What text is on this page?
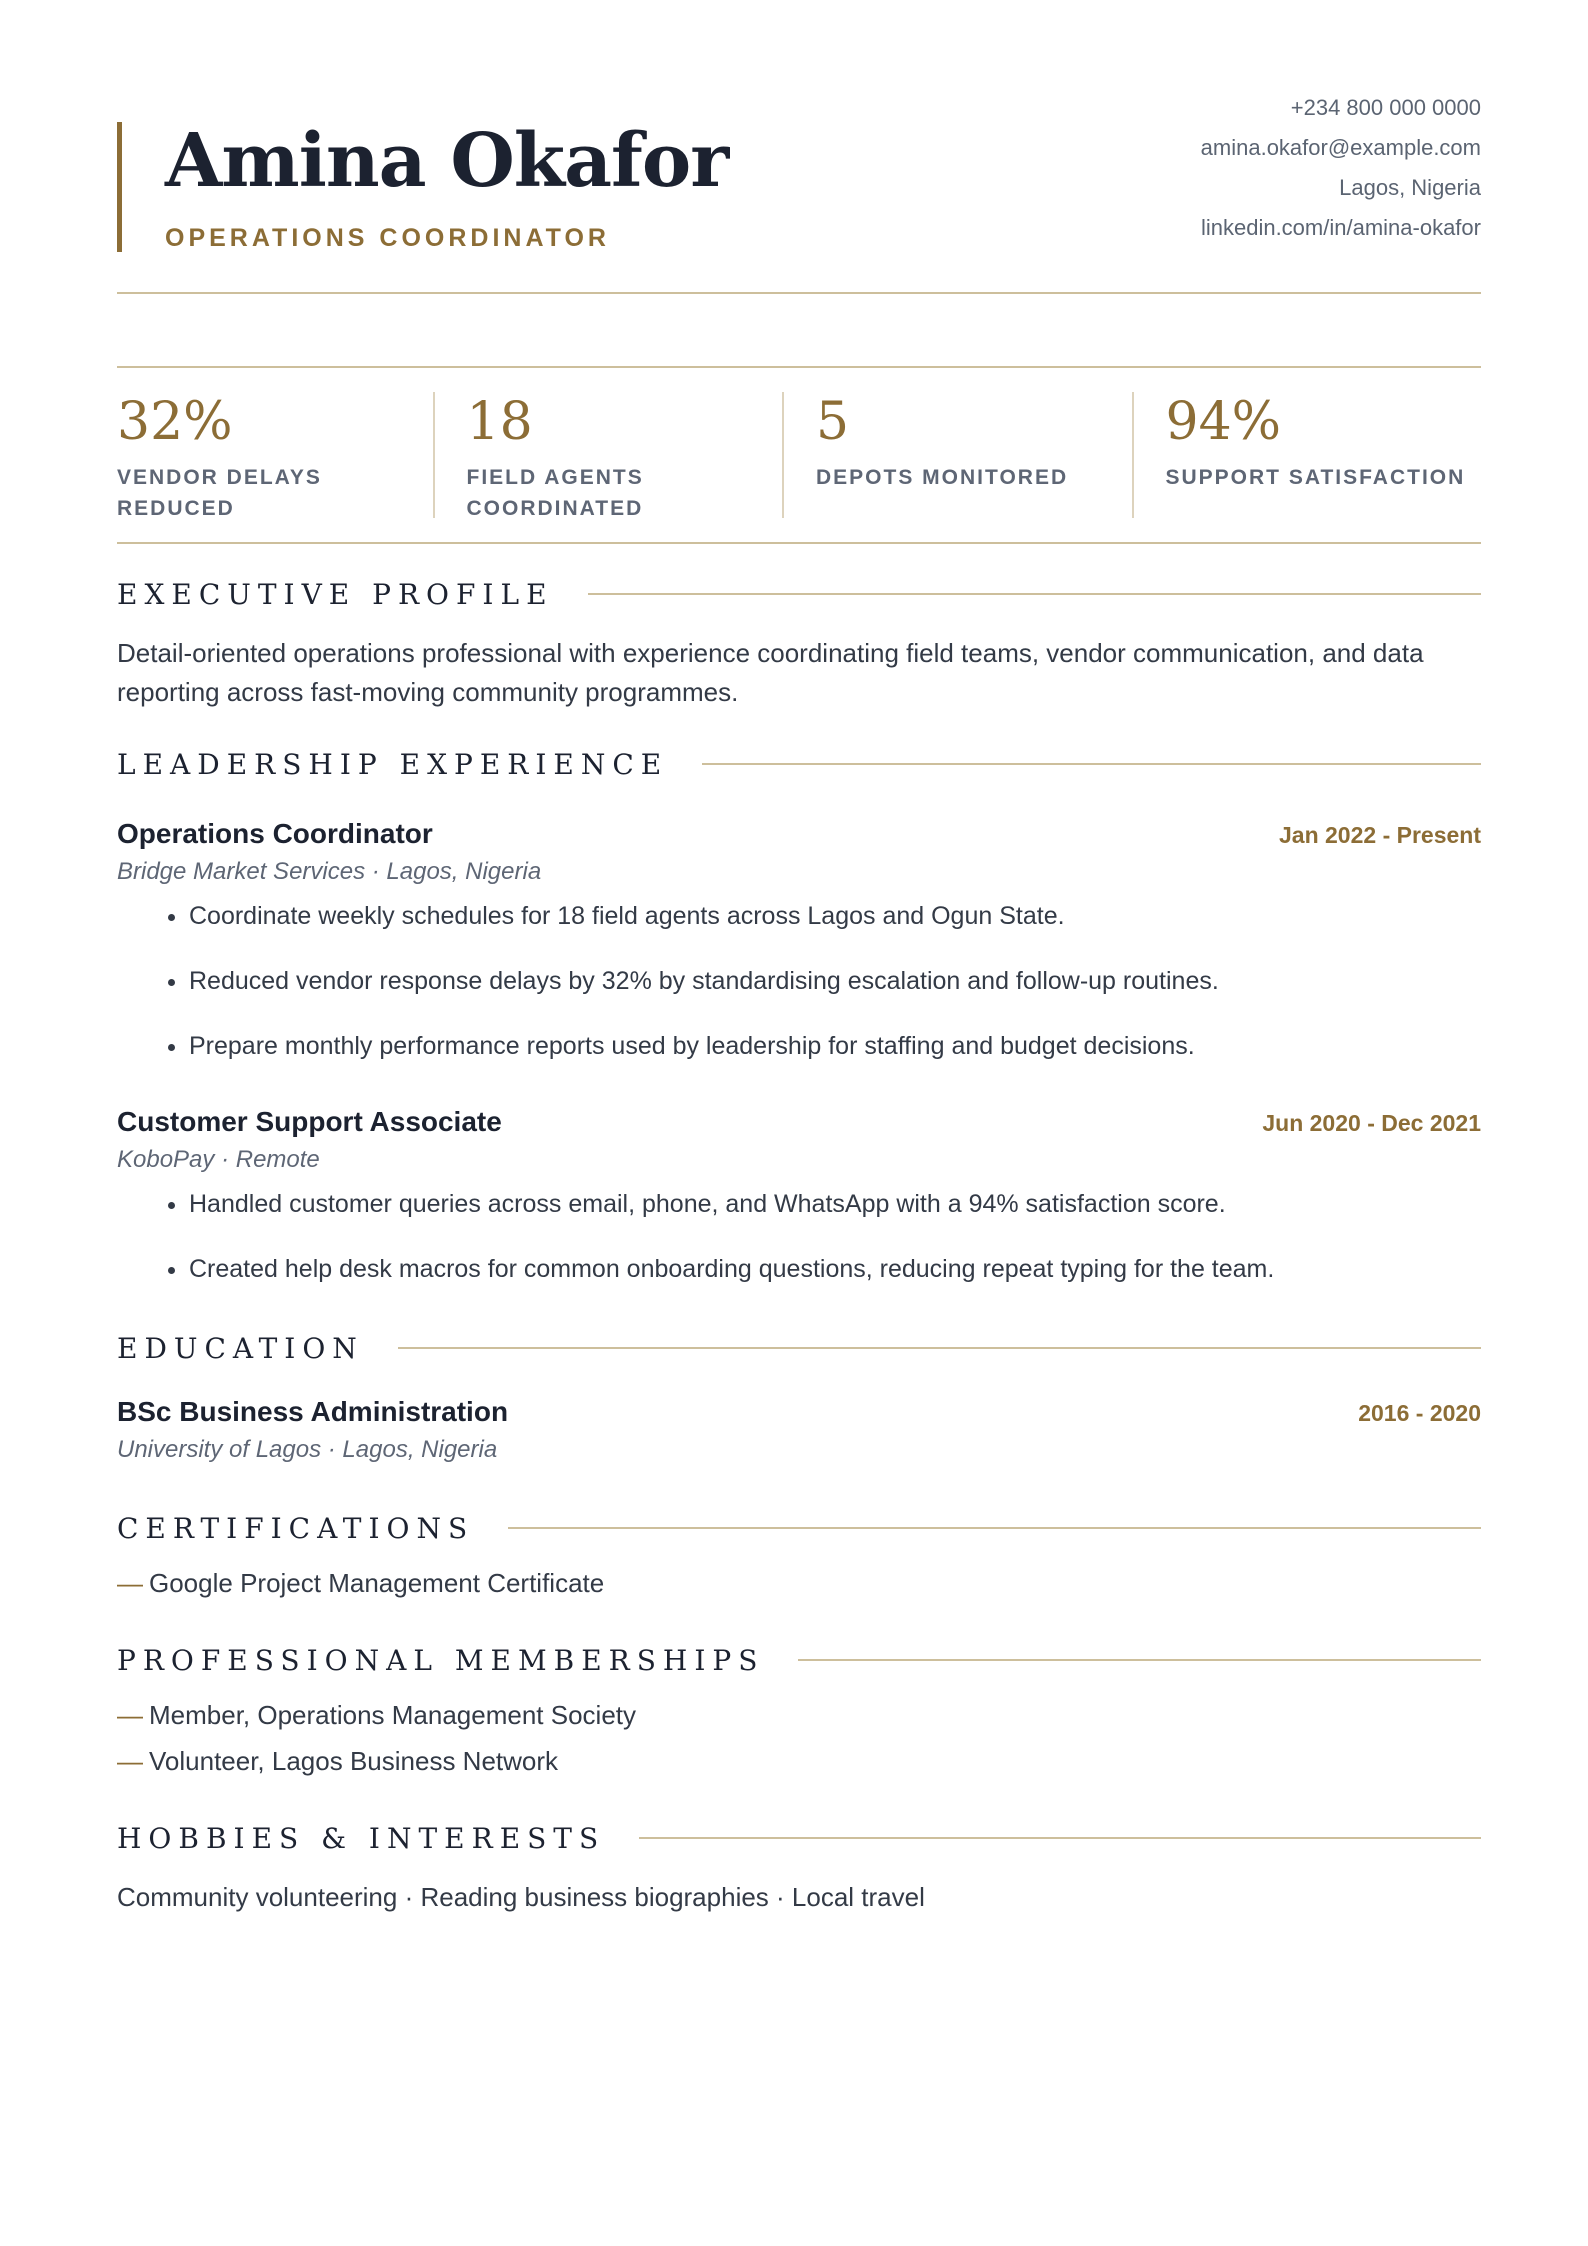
Amina Okafor
OPERATIONS COORDINATOR
+234 800 000 0000
amina.okafor@example.com
Lagos, Nigeria
linkedin.com/in/amina-okafor
32%
VENDOR DELAYS REDUCED
18
FIELD AGENTS COORDINATED
5
DEPOTS MONITORED
94%
SUPPORT SATISFACTION
EXECUTIVE PROFILE

Detail-oriented operations professional with experience coordinating field teams, vendor communication, and data reporting across fast-moving community programmes.

LEADERSHIP EXPERIENCE
Operations Coordinator	Jan 2022 - Present
Bridge Market Services · Lagos, Nigeria
• Coordinate weekly schedules for 18 field agents across Lagos and Ogun State.
• Reduced vendor response delays by 32% by standardising escalation and follow-up routines.
• Prepare monthly performance reports used by leadership for staffing and budget decisions.
Customer Support Associate	Jun 2020 - Dec 2021
KoboPay · Remote
• Handled customer queries across email, phone, and WhatsApp with a 94% satisfaction score.
• Created help desk macros for common onboarding questions, reducing repeat typing for the team.
EDUCATION
BSc Business Administration	2016 - 2020
University of Lagos · Lagos, Nigeria
CERTIFICATIONS
— Google Project Management Certificate
PROFESSIONAL MEMBERSHIPS
— Member, Operations Management Society
— Volunteer, Lagos Business Network
HOBBIES & INTERESTS

Community volunteering · Reading business biographies · Local travel
